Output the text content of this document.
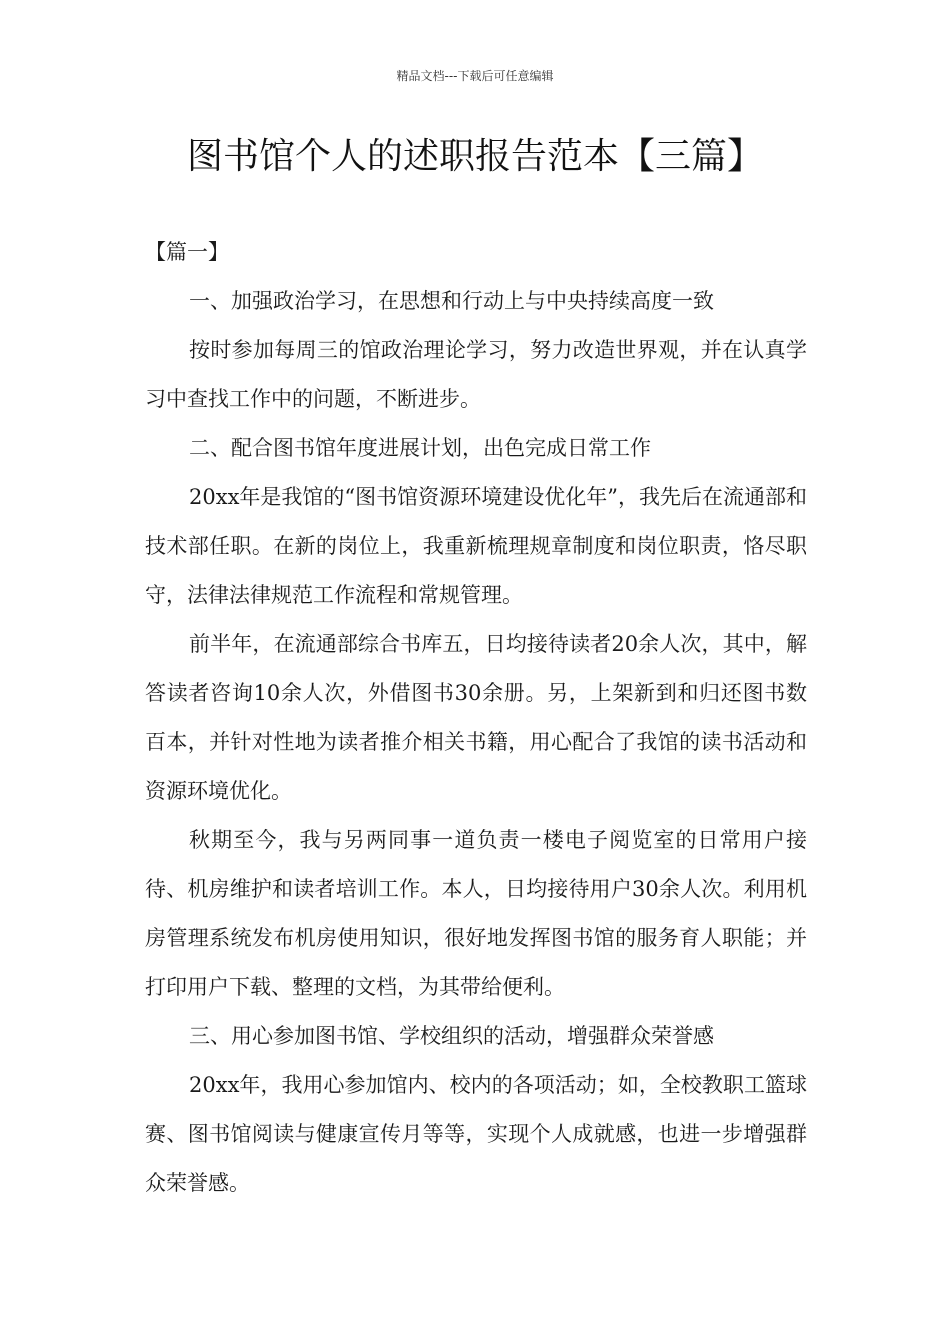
精品文档---下载后可任意编辑
图书馆个人的述职报告范本【三篇】

【篇一】

一、加强政治学习，在思想和行动上与中央持续高度一致

按时参加每周三的馆政治理论学习，努力改造世界观，并在认真学习中查找工作中的问题，不断进步。

二、配合图书馆年度进展计划，出色完成日常工作

20xx年是我馆的“图书馆资源环境建设优化年”，我先后在流通部和技术部任职。在新的岗位上，我重新梳理规章制度和岗位职责，恪尽职守，法律法律规范工作流程和常规管理。

前半年，在流通部综合书库五，日均接待读者20余人次，其中，解答读者咨询10余人次，外借图书30余册。另，上架新到和归还图书数百本，并针对性地为读者推介相关书籍，用心配合了我馆的读书活动和资源环境优化。

秋期至今，我与另两同事一道负责一楼电子阅览室的日常用户接待、机房维护和读者培训工作。本人，日均接待用户30余人次。利用机房管理系统发布机房使用知识，很好地发挥图书馆的服务育人职能；并打印用户下载、整理的文档，为其带给便利。

三、用心参加图书馆、学校组织的活动，增强群众荣誉感

20xx年，我用心参加馆内、校内的各项活动；如，全校教职工篮球赛、图书馆阅读与健康宣传月等等，实现个人成就感，也进一步增强群众荣誉感。
